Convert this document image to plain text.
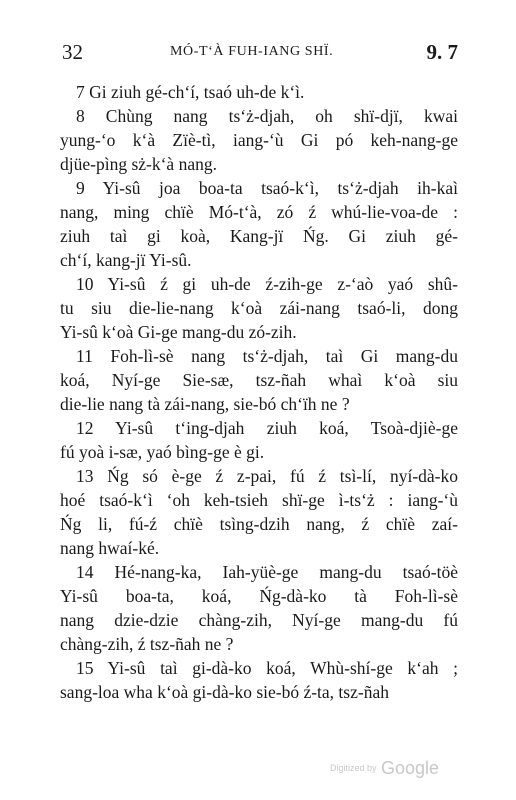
32	MÓ-T‘À FUH-IANG SHÏ.	9. 7
7 Gi ziuh gé-ch‘í, tsaó uh-de k‘ì.
8 Chùng nang ts‘ż-djah, oh shï-djï, kwai
yung-‘o k‘à Zïè-tì, iang-‘ù Gi pó keh-nang-ge
djüe-pìng sż-k‘à nang.
9 Yi-sû joa boa-ta tsaó-k‘ì, ts‘ż-djah ih-kaì
nang, ming chïè Mó-t‘à, zó ź whú-lie-voa-de :
ziuh taì gi koà, Kang-jï Ńg. Gi ziuh gé-
ch‘í, kang-jï Yi-sû.
10 Yi-sû ź gi uh-de ź-zih-ge z-‘aò yaó shû-
tu siu die-lie-nang k‘oà zái-nang tsaó-li, dong
Yi-sû k‘oà Gi-ge mang-du zó-zih.
11 Foh-lì-sè nang ts‘ż-djah, taì Gi mang-du
koá, Nyí-ge Sie-sæ, tsz-ñah whaì k‘oà siu
die-lie nang tà zái-nang, sie-bó ch‘ïh ne ?
12 Yi-sû t‘ing-djah ziuh koá, Tsoà-djiè-ge
fú yoà i-sæ, yaó bìng-ge è gi.
13 Ńg só è-ge ź z-pai, fú ź tsì-lí, nyí-dà-ko
hoé tsaó-k‘ì ‘oh keh-tsieh shï-ge ì-ts‘ż : iang-‘ù
Ńg li, fú-ź chïè tsìng-dzih nang, ź chïè zaí-
nang hwaí-ké.
14 Hé-nang-ka, Iah-yüè-ge mang-du tsaó-töè
Yi-sû boa-ta, koá, Ńg-dà-ko tà Foh-lì-sè
nang dzie-dzie chàng-zih, Nyí-ge mang-du fú
chàng-zih, ź tsz-ñah ne ?
15 Yi-sû taì gi-dà-ko koá, Whù-shí-ge k‘ah ;
sang-loa wha k‘oà gi-dà-ko sie-bó ź-ta, tsz-ñah
Digitized by Google
